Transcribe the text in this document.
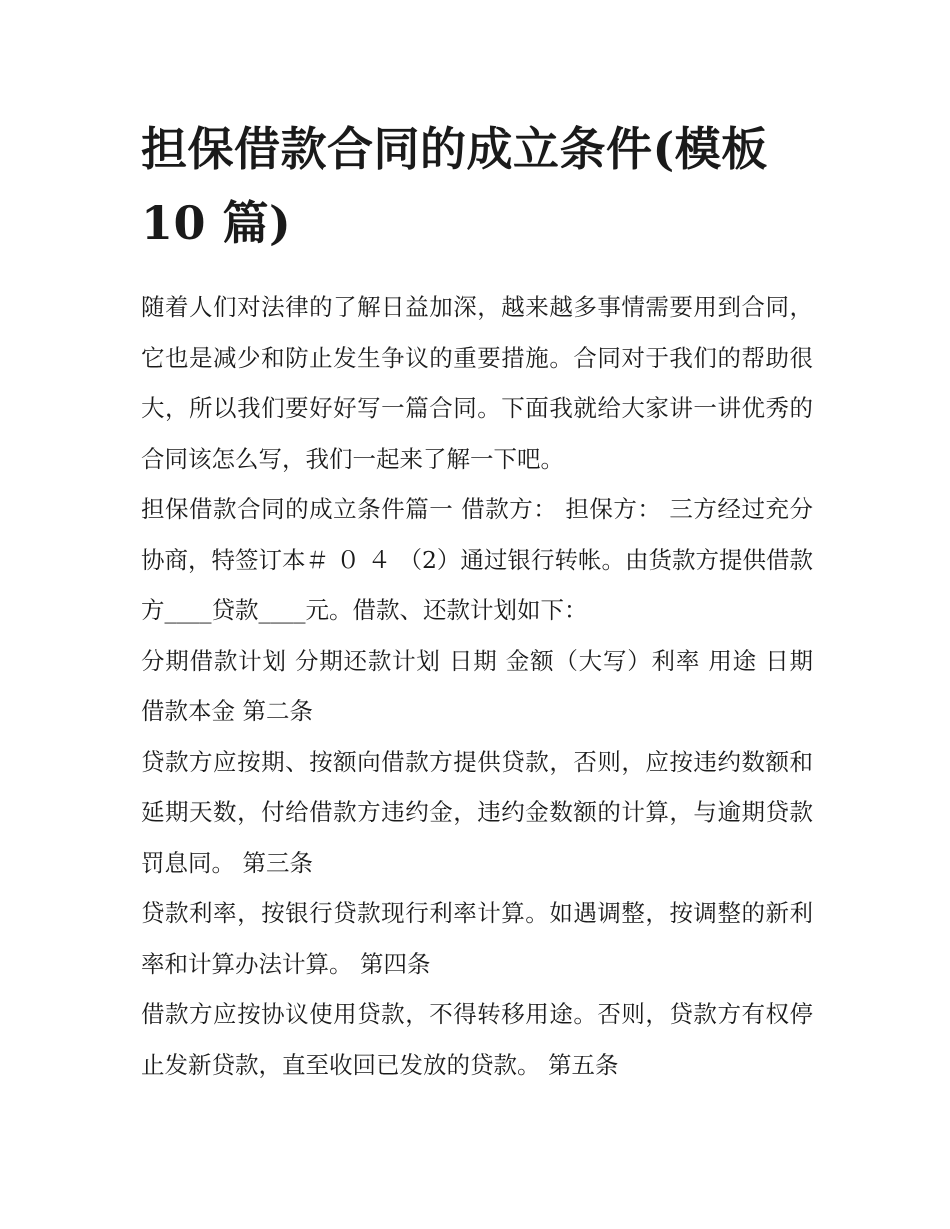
担保借款合同的成立条件(模板
10 篇)

随着人们对法律的了解日益加深，越来越多事情需要用到合同，它也是减少和防止发生争议的重要措施。合同对于我们的帮助很大，所以我们要好好写一篇合同。下面我就给大家讲一讲优秀的合同该怎么写，我们一起来了解一下吧。

担保借款合同的成立条件篇一 借款方： 担保方： 三方经过充分协商，特签订本＃ ０ ４ （2）通过银行转帐。由货款方提供借款方____贷款____元。借款、还款计划如下：

分期借款计划 分期还款计划 日期 金额（大写）利率 用途 日期 借款本金 第二条

贷款方应按期、按额向借款方提供贷款，否则，应按违约数额和延期天数，付给借款方违约金，违约金数额的计算，与逾期贷款罚息同。 第三条

贷款利率，按银行贷款现行利率计算。如遇调整，按调整的新利率和计算办法计算。 第四条

借款方应按协议使用贷款，不得转移用途。否则，贷款方有权停止发新贷款，直至收回已发放的贷款。 第五条
